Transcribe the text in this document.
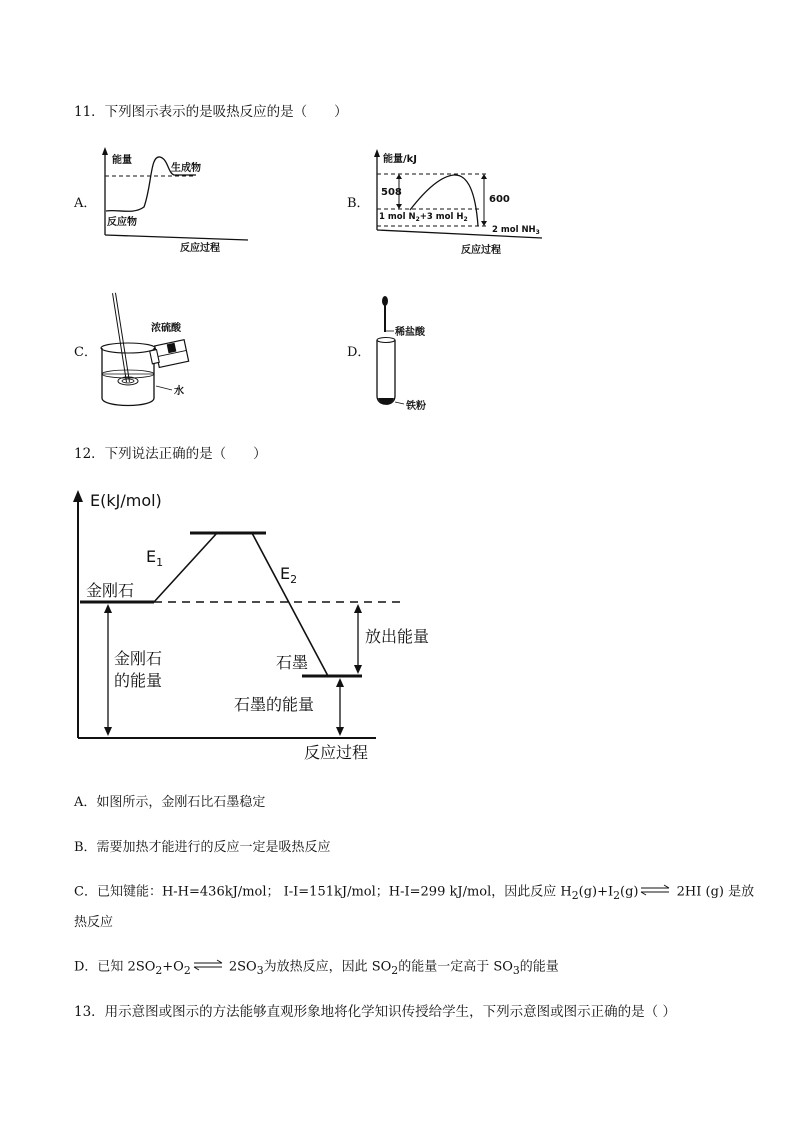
11．下列图示表示的是吸热反应的是（　　）
A．
能量
生成物
反应物
反应过程
B．
能量/kJ
508
600
1 mol $N_2+3$ mol $H_2$
2 mol $NH_3$
反应过程
C．
浓硫酸
水
D．
稀盐酸
铁粉
12．下列说法正确的是（　　）
E(kJ/mol)
$E_1$
$E_2$
金刚石
放出能量
金刚石
的能量
石墨
石墨的能量
反应过程
A．如图所示，金刚石比石墨稳定
B．需要加热才能进行的反应一定是吸热反应
C．已知键能：H-H=436kJ/mol； I-I=151kJ/mol；H-I=299 kJ/mol，因此反应 $H_2(g)+I_2(g)$ ⇌ 2HI (g) 是放
热反应
D．已知 $2SO_2+O_2$ ⇌ $2SO_3$为放热反应，因此 $SO_2$的能量一定高于 $SO_3$的能量
13．用示意图或图示的方法能够直观形象地将化学知识传授给学生，下列示意图或图示正确的是（ ）
